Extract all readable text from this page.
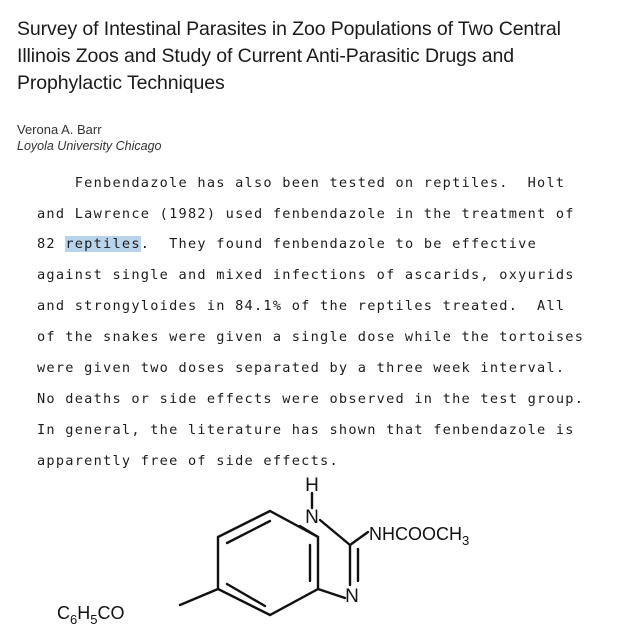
Survey of Intestinal Parasites in Zoo Populations of Two Central Illinois Zoos and Study of Current Anti-Parasitic Drugs and Prophylactic Techniques

Verona A. Barr

Loyola University Chicago

Fenbendazole has also been tested on reptiles.  Holt
and Lawrence (1982) used fenbendazole in the treatment of
82 reptiles.  They found fenbendazole to be effective
against single and mixed infections of ascarids, oxyurids
and strongyloides in 84.1% of the reptiles treated.  All
of the snakes were given a single dose while the tortoises
were given two doses separated by a three week interval.
No deaths or side effects were observed in the test group.
In general, the literature has shown that fenbendazole is
apparently free of side effects.
H
N
N
$NHCOOCH_3$
$C_6H_5CO$
